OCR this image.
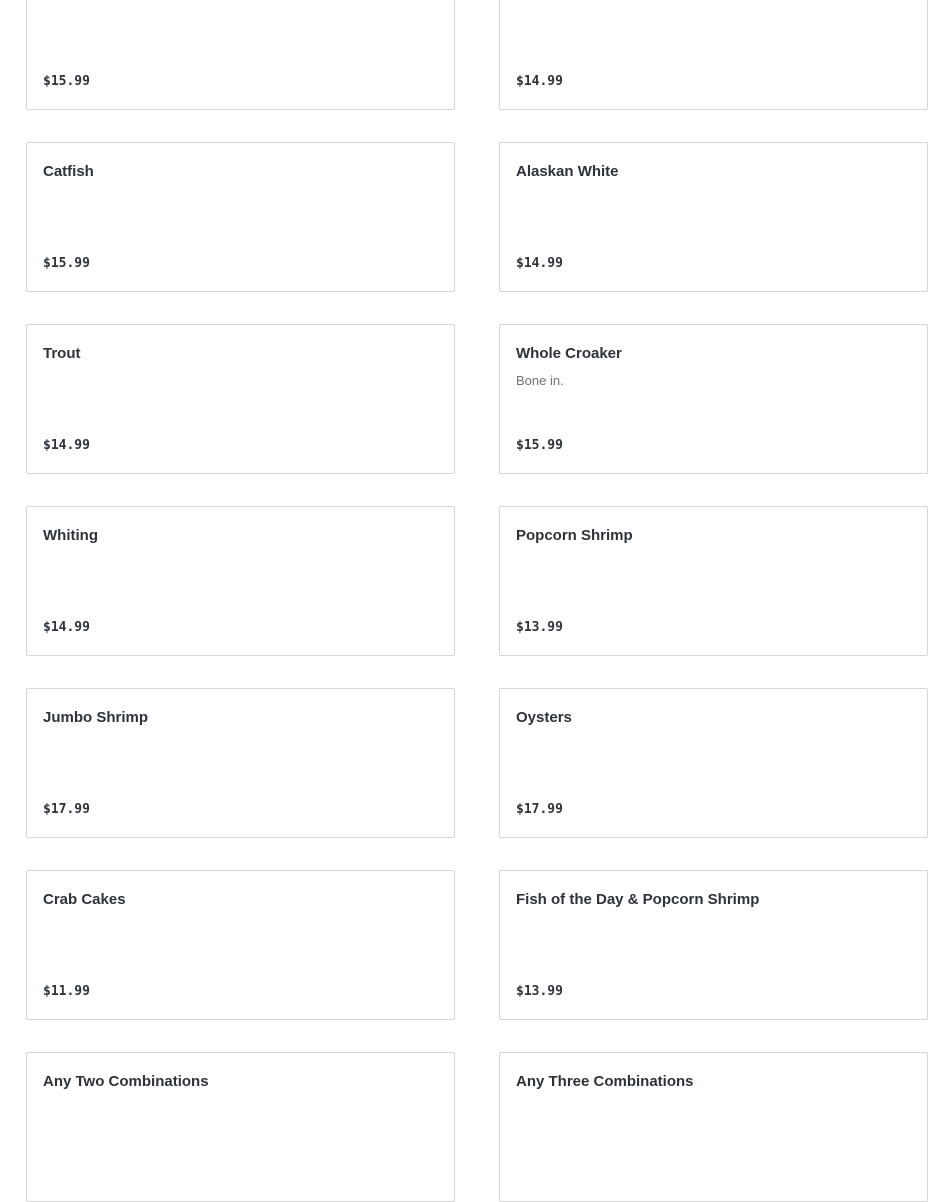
$15.99	$14.99
Catfish
$15.99
Alaskan White
$14.99
Trout
$14.99
Whole Croaker
Bone in.
$15.99
Whiting
$14.99
Popcorn Shrimp
$13.99
Jumbo Shrimp
$17.99
Oysters
$17.99
Crab Cakes
$11.99
Fish of the Day & Popcorn Shrimp
$13.99
Any Two Combinations	Any Three Combinations
